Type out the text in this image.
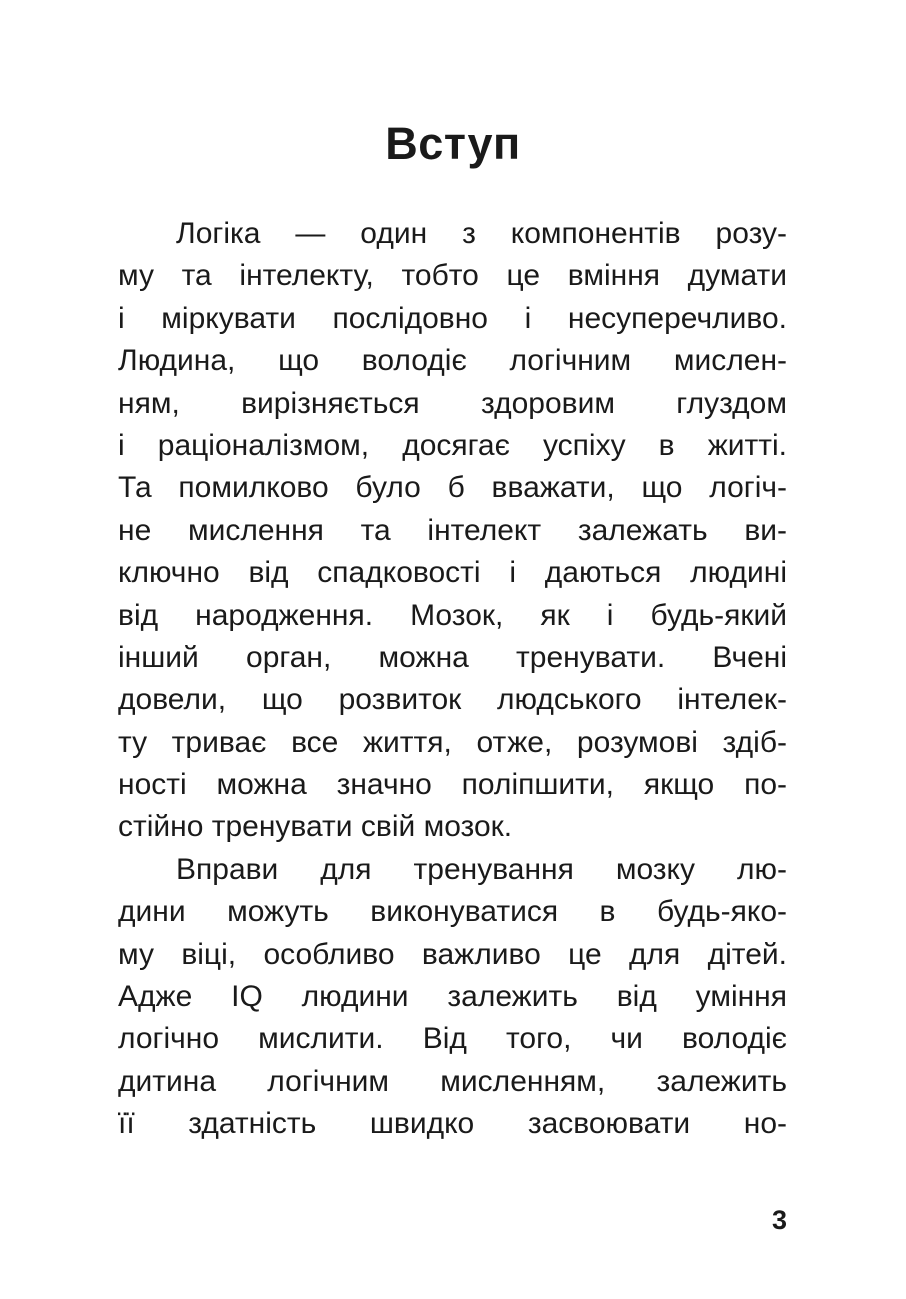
Вступ
Логіка — один з компонентів розу-
му та інтелекту, тобто це вміння думати
і міркувати послідовно і несуперечливо.
Людина, що володіє логічним мислен-
ням, вирізняється здоровим глуздом
і раціоналізмом, досягає успіху в житті.
Та помилково було б вважати, що логіч-
не мислення та інтелект залежать ви-
ключно від спадковості і даються людині
від народження. Мозок, як і будь-який
інший орган, можна тренувати. Вчені
довели, що розвиток людського інтелек-
ту триває все життя, отже, розумові здіб-
ності можна значно поліпшити, якщо по-
стійно тренувати свій мозок.
Вправи для тренування мозку лю-
дини можуть виконуватися в будь-яко-
му віці, особливо важливо це для дітей.
Адже IQ людини залежить від уміння
логічно мислити. Від того, чи володіє
дитина логічним мисленням, залежить
її здатність швидко засвоювати но-
3
